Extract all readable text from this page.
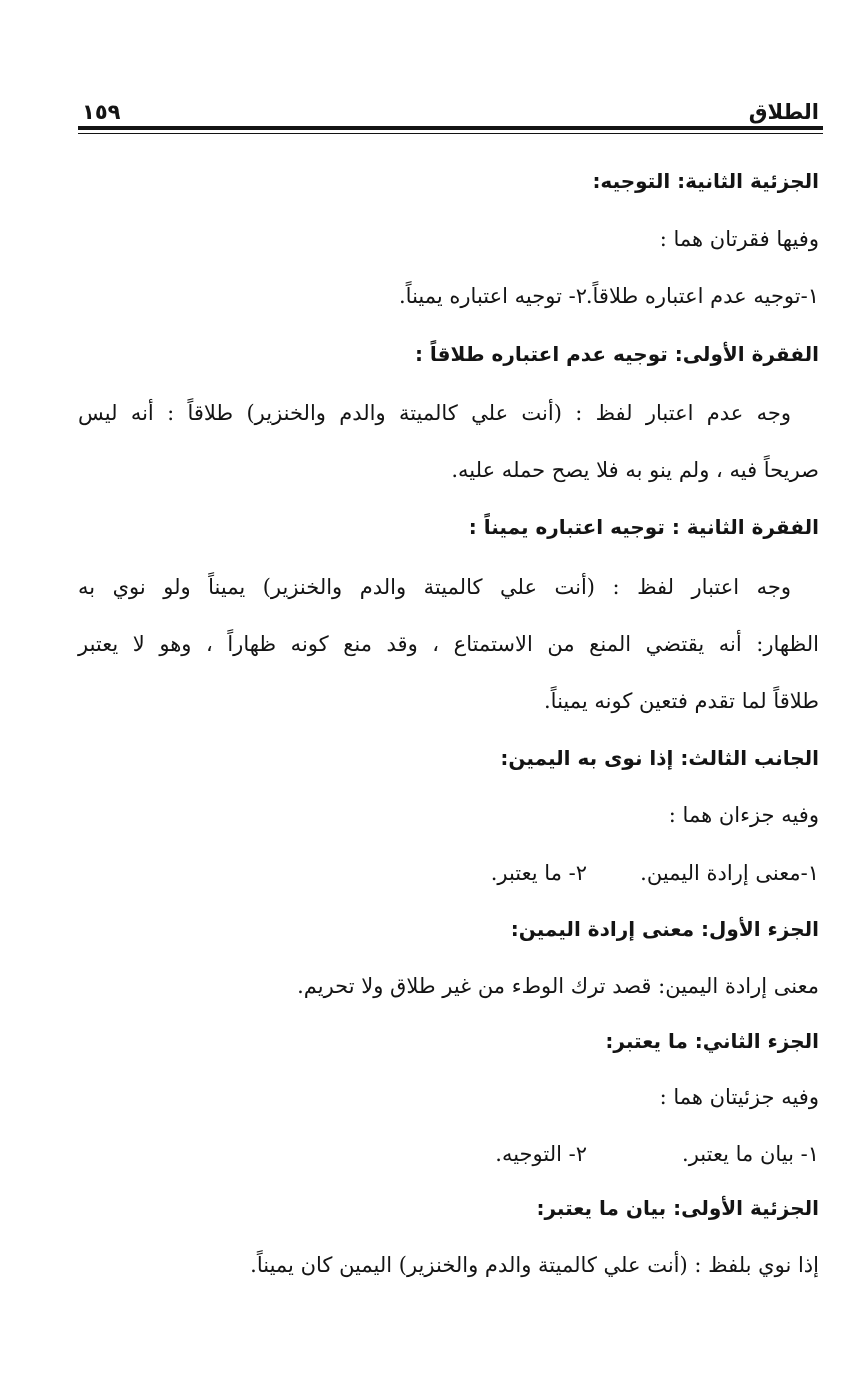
الطلاق
١٥٩
الجزئية الثانية: التوجيه:
وفيها فقرتان هما :
١-توجيه عدم اعتباره طلاقاً.
٢- توجيه اعتباره يميناً.
الفقرة الأولى: توجيه عدم اعتباره طلاقاً :
وجه عدم اعتبار لفظ : (أنت علي كالميتة والدم والخنزير) طلاقاً : أنه ليس
صريحاً فيه ، ولم ينو به فلا يصح حمله عليه.
الفقرة الثانية : توجيه اعتباره يميناً :
وجه اعتبار لفظ : (أنت علي كالميتة والدم والخنزير) يميناً ولو نوي به
الظهار: أنه يقتضي المنع من الاستمتاع ، وقد منع كونه ظهاراً ، وهو لا يعتبر
طلاقاً لما تقدم فتعين كونه يميناً.
الجانب الثالث: إذا نوى به اليمين:
وفيه جزءان هما :
١-معنى إرادة اليمين.
٢- ما يعتبر.
الجزء الأول: معنى إرادة اليمين:
معنى إرادة اليمين: قصد ترك الوطء من غير طلاق ولا تحريم.
الجزء الثاني: ما يعتبر:
وفيه جزئيتان هما :
١- بيان ما يعتبر.
٢- التوجيه.
الجزئية الأولى: بيان ما يعتبر:
إذا نوي بلفظ : (أنت علي كالميتة والدم والخنزير) اليمين كان يميناً.
